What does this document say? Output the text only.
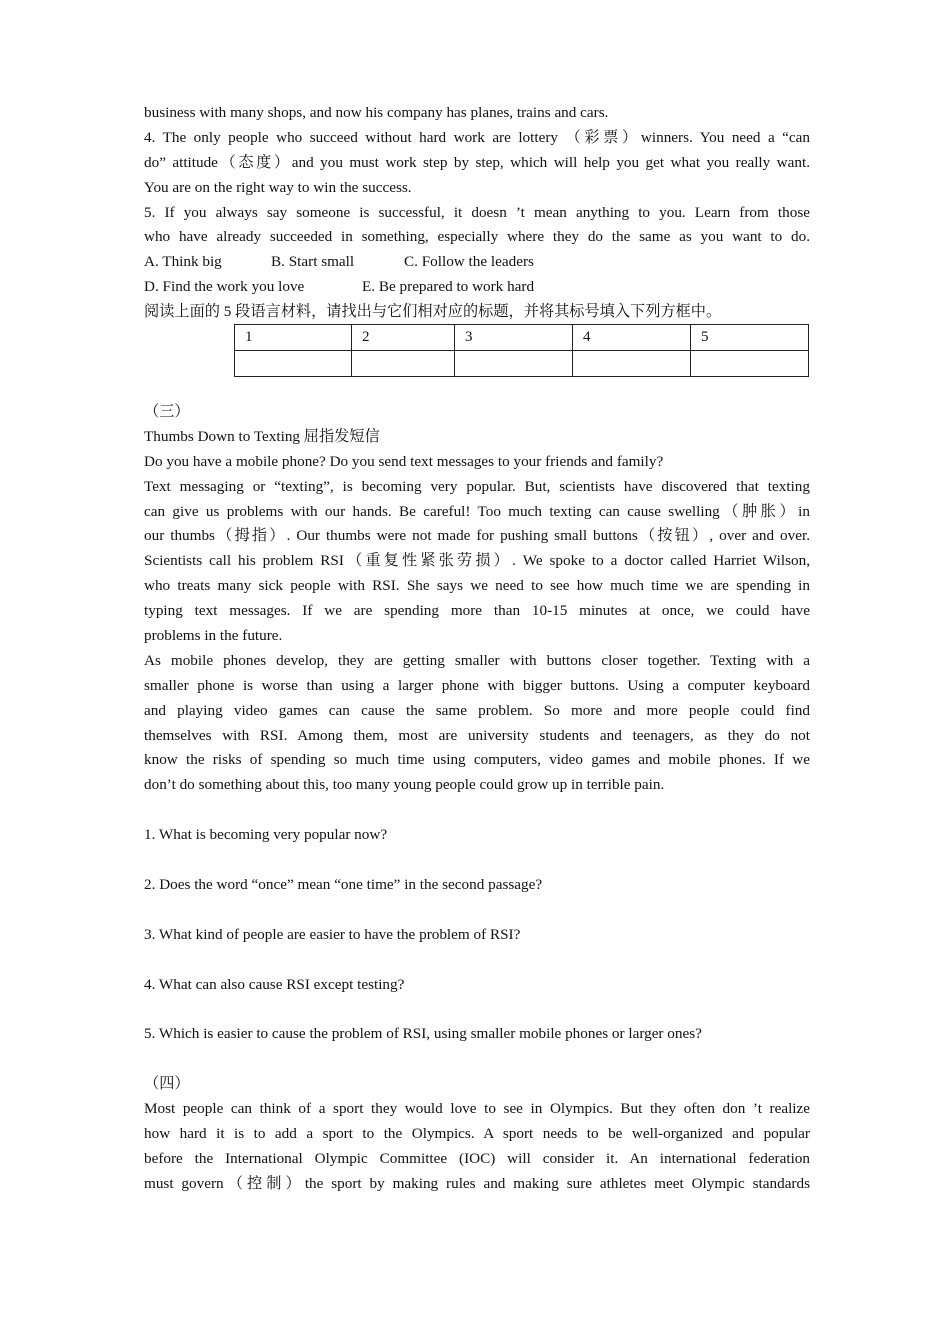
business with many shops, and now his company has planes, trains and cars.
4. The only people who succeed without hard work are lottery （彩票）winners. You need a “can
do” attitude（态度）and you must work step by step, which will help you get what you really want.
You are on the right way to win the success.
5. If you always say someone is successful, it doesn ’t mean anything to you. Learn from those
who have already succeeded in something, especially where they do the same as you want to do.
A. Think big	B. Start small	C. Follow the leaders
D. Find the work you love	E. Be prepared to work hard
阅读上面的 5 段语言材料，请找出与它们相对应的标题，并将其标号填入下列方框中。
（三）
Thumbs Down to Texting 屈指发短信
Do you have a mobile phone? Do you send text messages to your friends and family?
Text messaging or “texting”, is becoming very popular. But, scientists have discovered that texting
can give us problems with our hands. Be careful! Too much texting can cause swelling（肿胀）in
our thumbs（拇指）. Our thumbs were not made for pushing small buttons（按钮）, over and over.
Scientists call his problem RSI（重复性紧张劳损）. We spoke to a doctor called Harriet Wilson,
who treats many sick people with RSI. She says we need to see how much time we are spending in
typing text messages. If we are spending more than 10-15 minutes at once, we could have
problems in the future.
As mobile phones develop, they are getting smaller with buttons closer together. Texting with a
smaller phone is worse than using a larger phone with bigger buttons. Using a computer keyboard
and playing video games can cause the same problem. So more and more people could find
themselves with RSI. Among them, most are university students and teenagers, as they do not
know the risks of spending so much time using computers, video games and mobile phones. If we
don’t do something about this, too many young people could grow up in terrible pain.
1. What is becoming very popular now?
2. Does the word “once” mean “one time” in the second passage?
3. What kind of people are easier to have the problem of RSI?
4. What can also cause RSI except testing?
5. Which is easier to cause the problem of RSI, using smaller mobile phones or larger ones?
（四）
Most people can think of a sport they would love to see in Olympics. But they often don ’t realize
how hard it is to add a sport to the Olympics. A sport needs to be well-organized and popular
before the International Olympic Committee (IOC) will consider it. An international federation
must govern（控制）the sport by making rules and making sure athletes meet Olympic standards
1	2	3	4	5
